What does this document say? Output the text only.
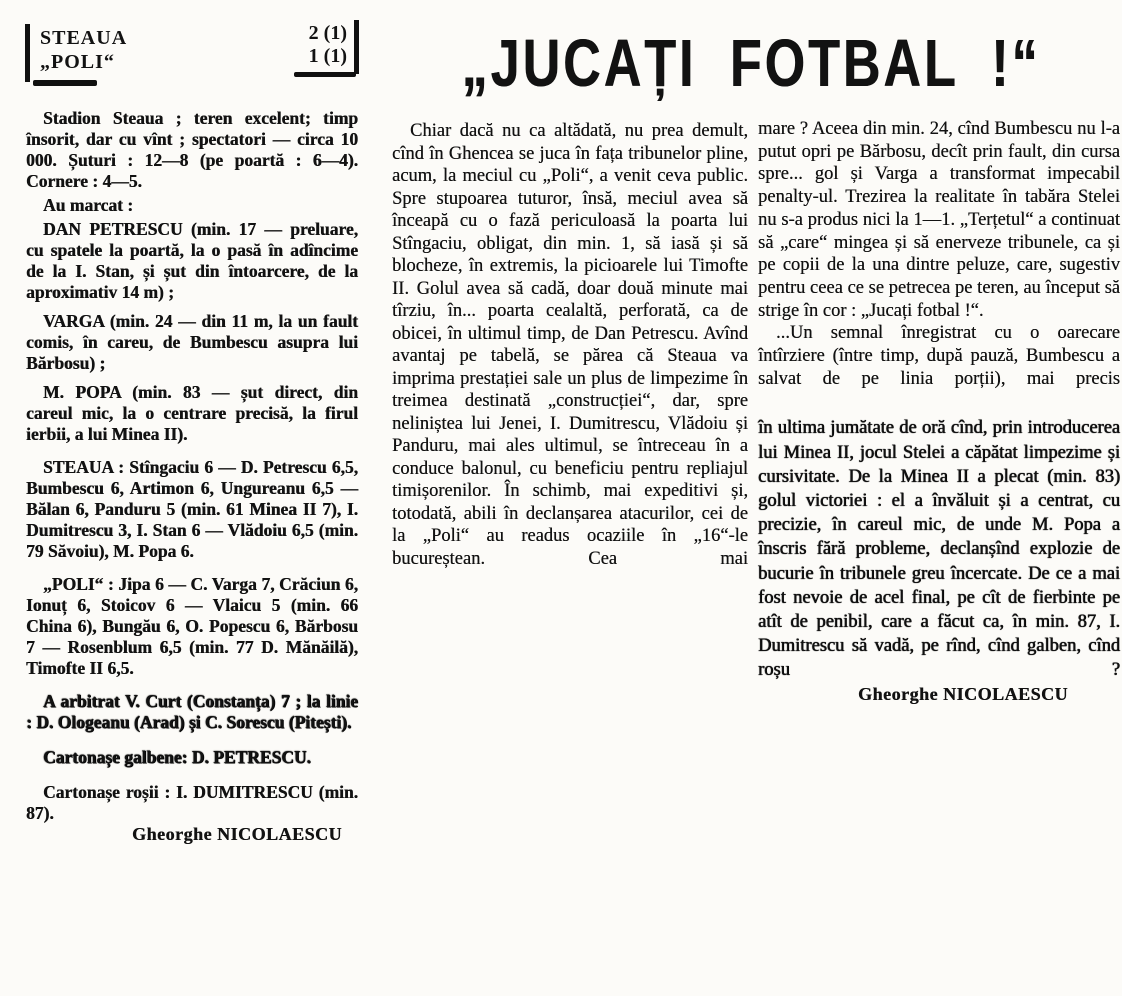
STEAUA
„POLI“
2 (1)
1 (1)	„JUCAȚI FOTBAL !“

Stadion Steaua ; teren excelent; timp însorit, dar cu vînt ; spectatori — circa 10 000. Șuturi : 12—8 (pe poartă : 6—4). Cornere : 4—5.

Au marcat :

DAN PETRESCU (min. 17 — preluare, cu spatele la poartă, la o pasă în adîncime de la I. Stan, și șut din întoarcere, de la aproximativ 14 m) ;

VARGA (min. 24 — din 11 m, la un fault comis, în careu, de Bumbescu asupra lui Bărbosu) ;

M. POPA (min. 83 — șut direct, din careul mic, la o centrare precisă, la firul ierbii, a lui Minea II).

STEAUA : Stîngaciu 6 — D. Petrescu 6,5, Bumbescu 6, Artimon 6, Ungureanu 6,5 — Bălan 6, Panduru 5 (min. 61 Minea II 7), I. Dumitrescu 3, I. Stan 6 — Vlădoiu 6,5 (min. 79 Săvoiu), M. Popa 6.

„POLI“ : Jipa 6 — C. Varga 7, Crăciun 6, Ionuț 6, Stoicov 6 — Vlaicu 5 (min. 66 China 6), Bungău 6, O. Popescu 6, Bărbosu 7 — Rosenblum 6,5 (min. 77 D. Mănăilă), Timofte II 6,5.

A arbitrat V. Curt (Constanța) 7 ; la linie : D. Ologeanu (Arad) și C. Sorescu (Pitești).

Cartonașe galbene: D. PETRESCU.

Cartonașe roșii : I. DUMITRESCU (min. 87).

Gheorghe NICOLAESCU

Chiar dacă nu ca altădată, nu prea demult, cînd în Ghencea se juca în fața tribunelor pline, acum, la meciul cu „Poli“, a venit ceva public. Spre stupoarea tuturor, însă, meciul avea să înceapă cu o fază periculoasă la poarta lui Stîngaciu, obligat, din min. 1, să iasă și să blocheze, în extremis, la picioarele lui Timofte II. Golul avea să cadă, doar două minute mai tîrziu, în... poarta cealaltă, perforată, ca de obicei, în ultimul timp, de Dan Petrescu. Avînd avantaj pe tabelă, se părea că Steaua va imprima prestației sale un plus de limpezime în treimea destinată „construcției“, dar, spre neliniștea lui Jenei, I. Dumitrescu, Vlădoiu și Panduru, mai ales ultimul, se întreceau în a conduce balonul, cu beneficiu pentru repliajul timișorenilor. În schimb, mai expeditivi și, totodată, abili în declanșarea atacurilor, cei de la „Poli“ au readus ocaziile în „16“-le bucureștean. Cea mai

mare ? Aceea din min. 24, cînd Bumbescu nu l-a putut opri pe Bărbosu, decît prin fault, din cursa spre... gol și Varga a transformat impecabil penalty-ul. Trezirea la realitate în tabăra Stelei nu s-a produs nici la 1—1. „Terțetul“ a continuat să „care“ mingea și să enerveze tribunele, ca și pe copii de la una dintre peluze, care, sugestiv pentru ceea ce se petrecea pe teren, au început să strige în cor : „Jucați fotbal !“.

...Un semnal înregistrat cu o oarecare întîrziere (între timp, după pauză, Bumbescu a salvat de pe linia porții), mai precis

în ultima jumătate de oră cînd, prin introducerea lui Minea II, jocul Stelei a căpătat limpezime și cursivitate. De la Minea II a plecat (min. 83) golul victoriei : el a învăluit și a centrat, cu precizie, în careul mic, de unde M. Popa a înscris fără probleme, declanșînd explozie de bucurie în tribunele greu încercate. De ce a mai fost nevoie de acel final, pe cît de fierbinte pe atît de penibil, care a făcut ca, în min. 87, I. Dumitrescu să vadă, pe rînd, cînd galben, cînd roșu ?

Gheorghe NICOLAESCU
